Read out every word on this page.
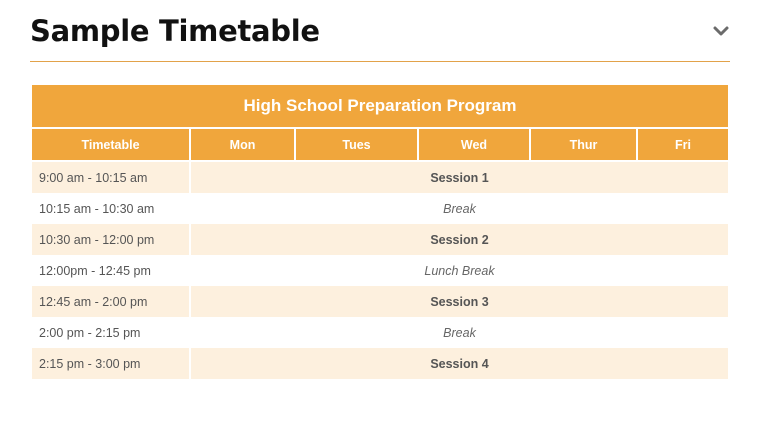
Sample Timetable
High School Preparation Program					
Timetable	Mon	Tues	Wed	Thur	Fri
9:00 am - 10:15 am	Session 1				
10:15 am - 10:30 am	Break				
10:30 am - 12:00 pm	Session 2				
12:00pm - 12:45 pm	Lunch Break				
12:45 am - 2:00 pm	Session 3				
2:00 pm - 2:15 pm	Break				
2:15 pm - 3:00 pm	Session 4				
